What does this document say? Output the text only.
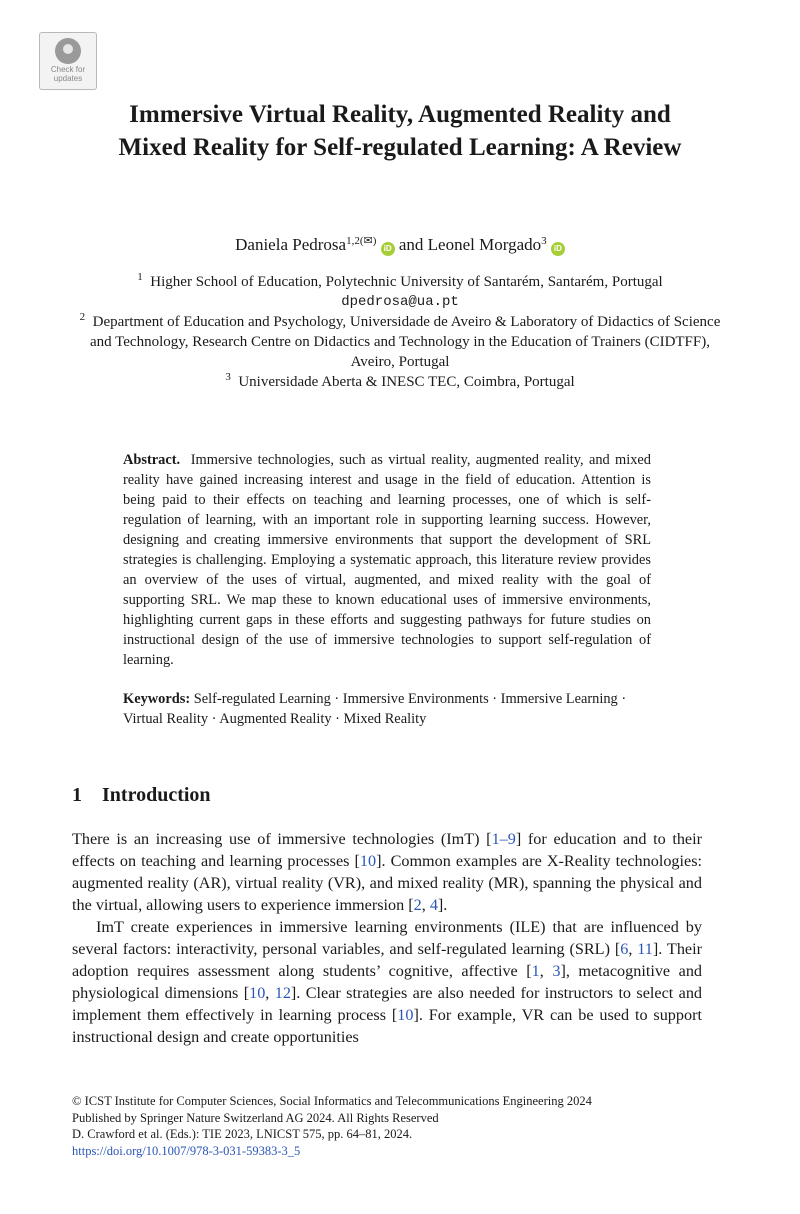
Check for updates
Immersive Virtual Reality, Augmented Reality and Mixed Reality for Self-regulated Learning: A Review
Daniela Pedrosa$^{1,2(✉)}$ iD and Leonel Morgado$^3$ iD
$^1$ Higher School of Education, Polytechnic University of Santarém, Santarém, Portugal
dpedrosa@ua.pt
$^2$ Department of Education and Psychology, Universidade de Aveiro & Laboratory of Didactics of Science and Technology, Research Centre on Didactics and Technology in the Education of Trainers (CIDTFF), Aveiro, Portugal
$^3$ Universidade Aberta & INESC TEC, Coimbra, Portugal
Abstract. Immersive technologies, such as virtual reality, augmented reality, and mixed reality have gained increasing interest and usage in the field of education. Attention is being paid to their effects on teaching and learning processes, one of which is self-regulation of learning, with an important role in supporting learning success. However, designing and creating immersive environments that support the development of SRL strategies is challenging. Employing a systematic approach, this literature review provides an overview of the uses of virtual, augmented, and mixed reality with the goal of supporting SRL. We map these to known educational uses of immersive environments, highlighting current gaps in these efforts and suggesting pathways for future studies on instructional design of the use of immersive technologies to support self-regulation of learning.
Keywords: Self-regulated Learning · Immersive Environments · Immersive Learning · Virtual Reality · Augmented Reality · Mixed Reality
1 Introduction

There is an increasing use of immersive technologies (ImT) [1–9] for education and to their effects on teaching and learning processes [10]. Common examples are X-Reality technologies: augmented reality (AR), virtual reality (VR), and mixed reality (MR), spanning the physical and the virtual, allowing users to experience immersion [2, 4].

ImT create experiences in immersive learning environments (ILE) that are influenced by several factors: interactivity, personal variables, and self-regulated learning (SRL) [6, 11]. Their adoption requires assessment along students’ cognitive, affective [1, 3], metacognitive and physiological dimensions [10, 12]. Clear strategies are also needed for instructors to select and implement them effectively in learning process [10]. For example, VR can be used to support instructional design and create opportunities

© ICST Institute for Computer Sciences, Social Informatics and Telecommunications Engineering 2024
Published by Springer Nature Switzerland AG 2024. All Rights Reserved
D. Crawford et al. (Eds.): TIE 2023, LNICST 575, pp. 64–81, 2024.
https://doi.org/10.1007/978-3-031-59383-3_5
